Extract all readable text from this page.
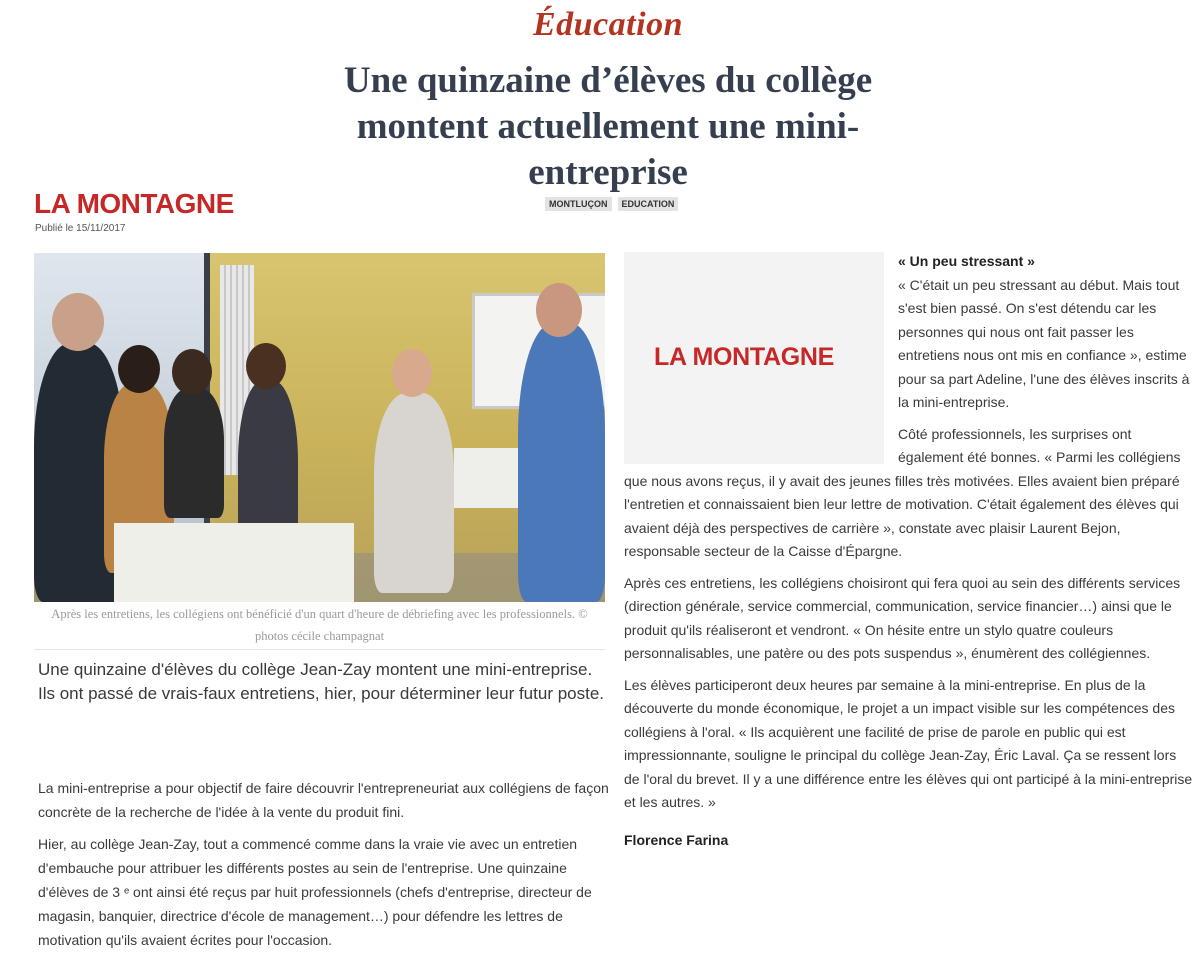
Éducation
Une quinzaine d’élèves du collège montent actuellement une mini-entreprise
LA MONTAGNE
Publié le 15/11/2017
MONTLUÇON	EDUCATION
Après les entretiens, les collégiens ont bénéficié d'un quart d'heure de débriefing avec les professionnels. © photos cécile champagnat
Une quinzaine d'élèves du collège Jean-Zay montent une mini-entreprise. Ils ont passé de vrais-faux entretiens, hier, pour déterminer leur futur poste.

La mini-entreprise a pour objectif de faire découvrir l'entrepreneuriat aux collégiens de façon concrète de la recherche de l'idée à la vente du produit fini.

Hier, au collège Jean-Zay, tout a commencé comme dans la vraie vie avec un entretien d'embauche pour attribuer les différents postes au sein de l'entreprise. Une quinzaine d'élèves de 3 ᵉ ont ainsi été reçus par huit professionnels (chefs d'entreprise, directeur de magasin, banquier, directrice d'école de management…) pour défendre les lettres de motivation qu'ils avaient écrites pour l'occasion.

LA MONTAGNE

« Un peu stressant »

« C'était un peu stressant au début. Mais tout s'est bien passé. On s'est détendu car les personnes qui nous ont fait passer les entretiens nous ont mis en confiance », estime pour sa part Adeline, l'une des élèves inscrits à la mini-entreprise.

Côté professionnels, les surprises ont également été bonnes. « Parmi les collégiens que nous avons reçus, il y avait des jeunes filles très motivées. Elles avaient bien préparé l'entretien et connaissaient bien leur lettre de motivation. C'était également des élèves qui avaient déjà des perspectives de carrière », constate avec plaisir Laurent Bejon, responsable secteur de la Caisse d'Épargne.

Après ces entretiens, les collégiens choisiront qui fera quoi au sein des différents services (direction générale, service commercial, communication, service financier…) ainsi que le produit qu'ils réaliseront et vendront. « On hésite entre un stylo quatre couleurs personnalisables, une patère ou des pots suspendus », énumèrent des collégiennes.

Les élèves participeront deux heures par semaine à la mini-entreprise. En plus de la découverte du monde économique, le projet a un impact visible sur les compétences des collégiens à l'oral. « Ils acquièrent une facilité de prise de parole en public qui est impressionnante, souligne le principal du collège Jean-Zay, Éric Laval. Ça se ressent lors de l'oral du brevet. Il y a une différence entre les élèves qui ont participé à la mini-entreprise et les autres. »

Florence Farina
